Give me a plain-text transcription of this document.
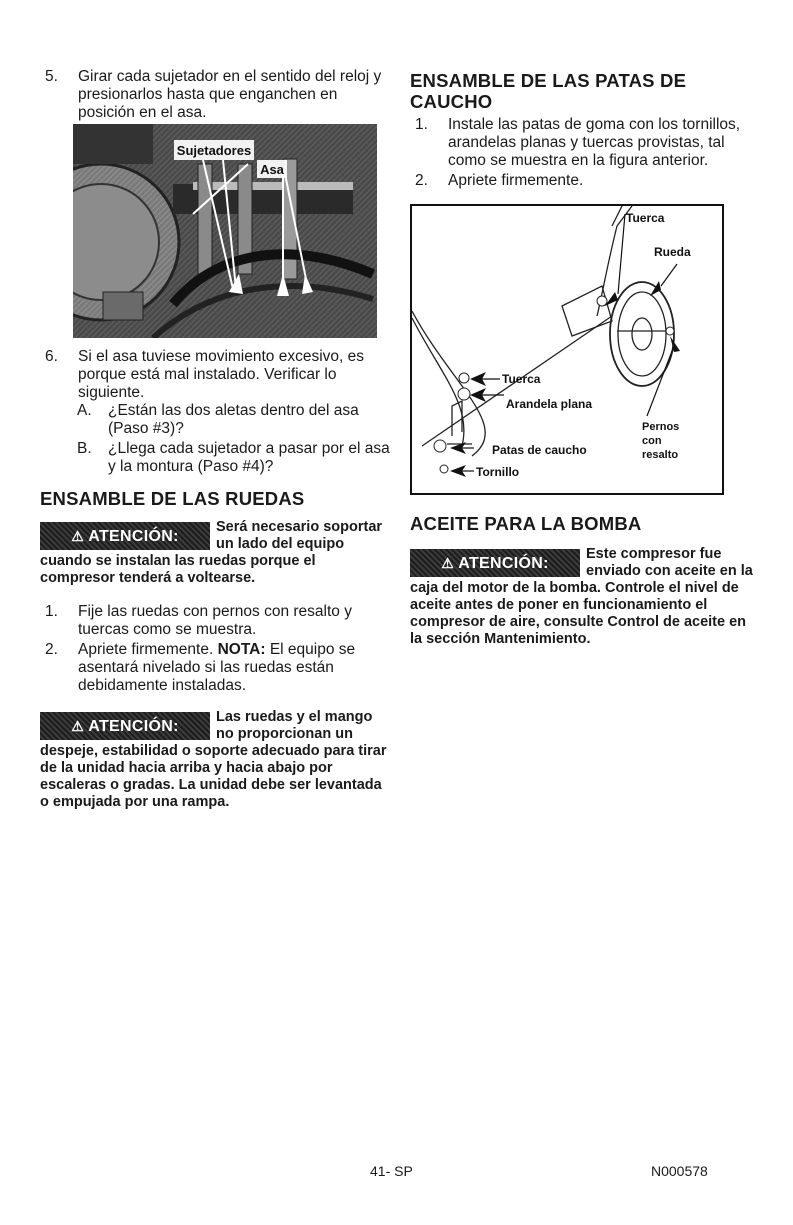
5. Girar cada sujetador en el sentido del reloj y presionarlos hasta que enganchen en posición en el asa.

Sujetadores
Asa

6. Si el asa tuviese movimiento excesivo, es porque está mal instalado. Verificar lo siguiente.

A. ¿Están las dos aletas dentro del asa (Paso #3)?

B. ¿Llega cada sujetador a pasar por el asa y la montura (Paso #4)?

ENSAMBLE DE LAS RUEDAS
⚠ ATENCIÓN:
Será necesario soportar un lado del equipo cuando se instalan las ruedas porque el compresor tenderá a voltearse.

1. Fije las ruedas con pernos con resalto y tuercas como se muestra.

2. Apriete firmemente. NOTA: El equipo se asentará nivelado si las ruedas están debidamente instaladas.

⚠ ATENCIÓN:
Las ruedas y el mango no proporcionan un despeje, estabilidad o soporte adecuado para tirar de la unidad hacia arriba y hacia abajo por escaleras o gradas. La unidad debe ser levantada o empujada por una rampa.
ENSAMBLE DE LAS PATAS DE CAUCHO

1. Instale las patas de goma con los tornillos, arandelas planas y tuercas provistas, tal como se muestra en la figura anterior.

2. Apriete firmemente.

Tuerca
Rueda
Tuerca
Arandela plana
Patas de caucho
Tornillo
Pernos
con
resalto
ACEITE PARA LA BOMBA
⚠ ATENCIÓN:
Este compresor fue enviado con aceite en la caja del motor de la bomba. Controle el nivel de aceite antes de poner en funcionamiento el compresor de aire, consulte Control de aceite en la sección Mantenimiento.
41- SP	N000578
